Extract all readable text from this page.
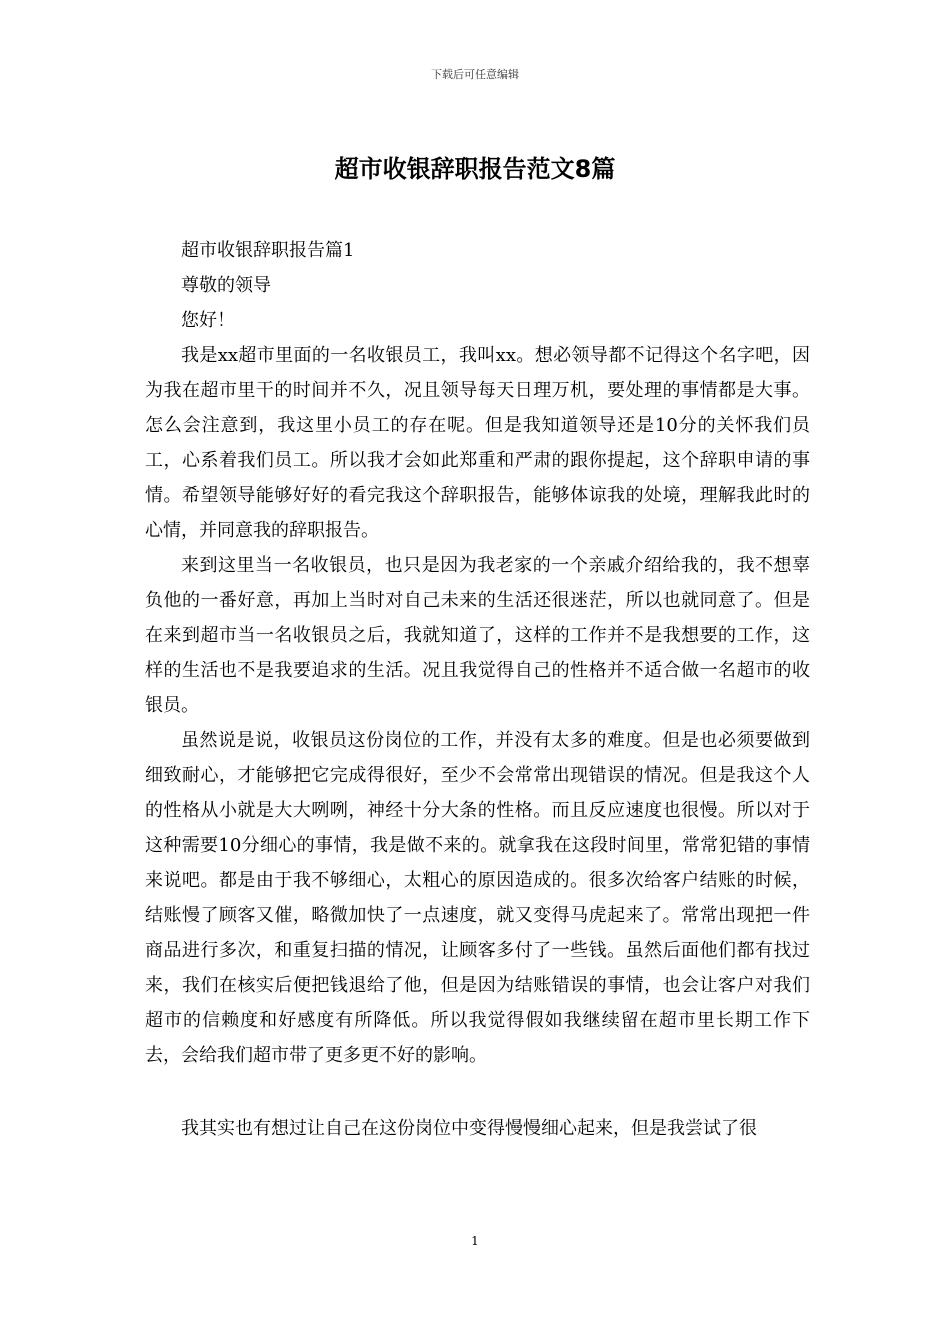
下载后可任意编辑
超市收银辞职报告范文8篇

超市收银辞职报告篇1

尊敬的领导

您好！

我是xx超市里面的一名收银员工，我叫xx。想必领导都不记得这个名字吧，因为我在超市里干的时间并不久，况且领导每天日理万机，要处理的事情都是大事。怎么会注意到，我这里小员工的存在呢。但是我知道领导还是10分的关怀我们员工，心系着我们员工。所以我才会如此郑重和严肃的跟你提起，这个辞职申请的事情。希望领导能够好好的看完我这个辞职报告，能够体谅我的处境，理解我此时的心情，并同意我的辞职报告。

来到这里当一名收银员，也只是因为我老家的一个亲戚介绍给我的，我不想辜负他的一番好意，再加上当时对自己未来的生活还很迷茫，所以也就同意了。但是在来到超市当一名收银员之后，我就知道了，这样的工作并不是我想要的工作，这样的生活也不是我要追求的生活。况且我觉得自己的性格并不适合做一名超市的收银员。

虽然说是说，收银员这份岗位的工作，并没有太多的难度。但是也必须要做到细致耐心，才能够把它完成得很好，至少不会常常出现错误的情况。但是我这个人的性格从小就是大大咧咧，神经十分大条的性格。而且反应速度也很慢。所以对于这种需要10分细心的事情，我是做不来的。就拿我在这段时间里，常常犯错的事情来说吧。都是由于我不够细心，太粗心的原因造成的。很多次给客户结账的时候，结账慢了顾客又催，略微加快了一点速度，就又变得马虎起来了。常常出现把一件商品进行多次，和重复扫描的情况，让顾客多付了一些钱。虽然后面他们都有找过来，我们在核实后便把钱退给了他，但是因为结账错误的事情，也会让客户对我们超市的信赖度和好感度有所降低。所以我觉得假如我继续留在超市里长期工作下去，会给我们超市带了更多更不好的影响。

我其实也有想过让自己在这份岗位中变得慢慢细心起来，但是我尝试了很

1
